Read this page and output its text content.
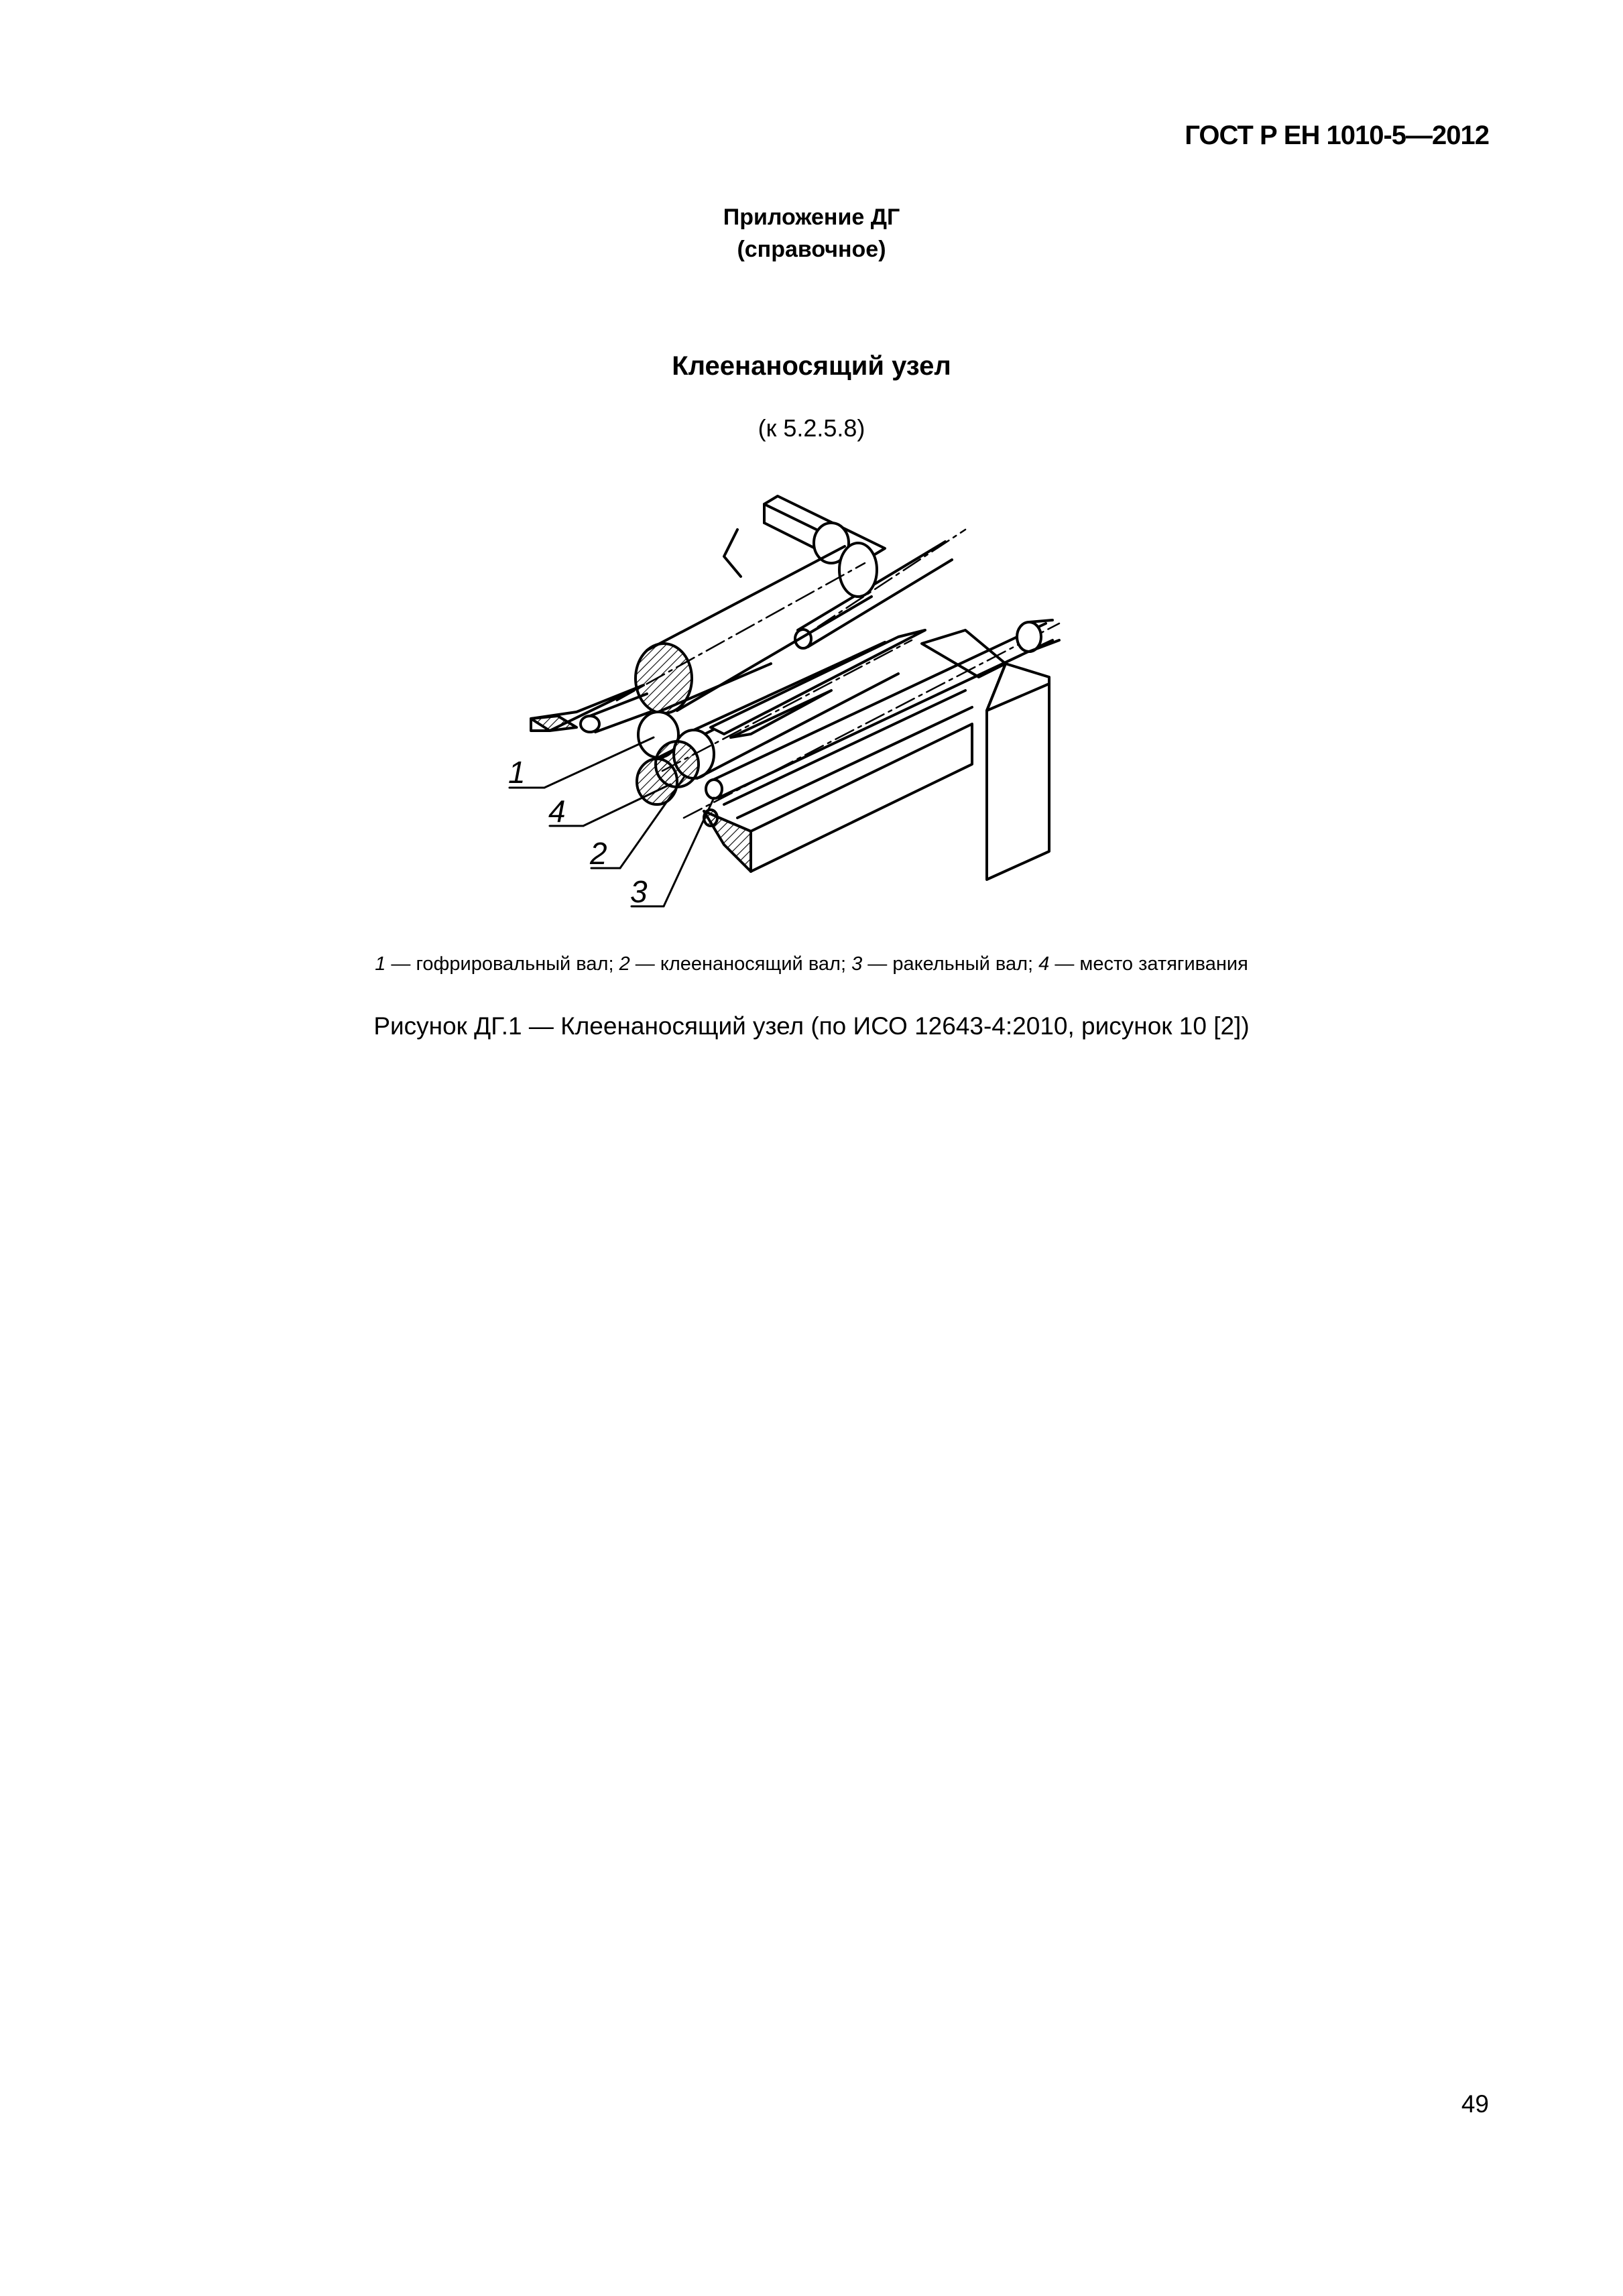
ГОСТ Р ЕН 1010-5—2012
Приложение ДГ
(справочное)
Клеенаносящий узел
(к 5.2.5.8)
1
4
2
3
1 — гофрировальный вал; 2 — клеенаносящий вал; 3 — ракельный вал; 4 — место затягивания
Рисунок ДГ.1 — Клеенаносящий узел (по ИСО 12643-4:2010, рисунок 10 [2])
49
